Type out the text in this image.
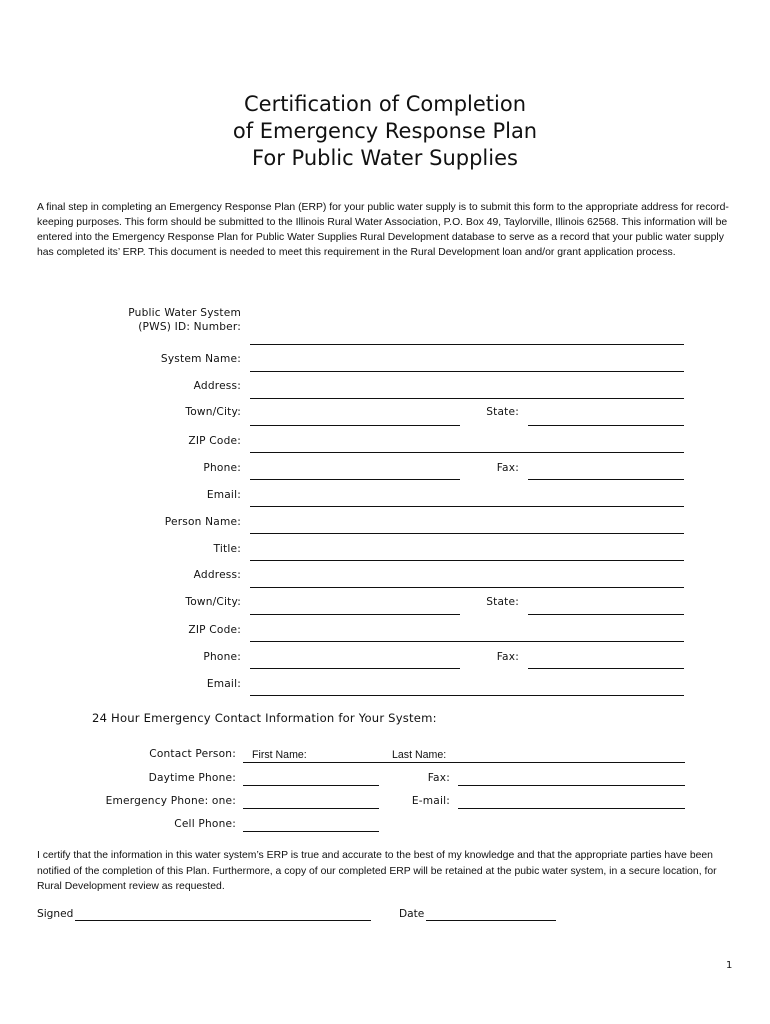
Certification of Completion
of Emergency Response Plan
For Public Water Supplies
A final step in completing an Emergency Response Plan (ERP) for your public water supply is to submit this form to the appropriate address for record-keeping purposes. This form should be submitted to the Illinois Rural Water Association, P.O. Box 49, Taylorville, Illinois 62568. This information will be entered into the Emergency Response Plan for Public Water Supplies Rural Development database to serve as a record that your public water supply has completed its’ ERP. This document is needed to meet this requirement in the Rural Development loan and/or grant application process.
Public Water System
(PWS) ID: Number:
System Name:
Address:
Town/City:	State:
ZIP Code:
Phone:	Fax:
Email:
Person Name:
Title:
Address:
Town/City:	State:
ZIP Code:
Phone:	Fax:
Email:
24 Hour Emergency Contact Information for Your System:
Contact Person: First Name:	Last Name:
Daytime Phone:	Fax:
Emergency Phone: one:	E-mail:
Cell Phone:
I certify that the information in this water system’s ERP is true and accurate to the best of my knowledge and that the appropriate parties have been notified of the completion of this Plan. Furthermore, a copy of our completed ERP will be retained at the pubic water system, in a secure location, for Rural Development review as requested.
Signed	Date
1
